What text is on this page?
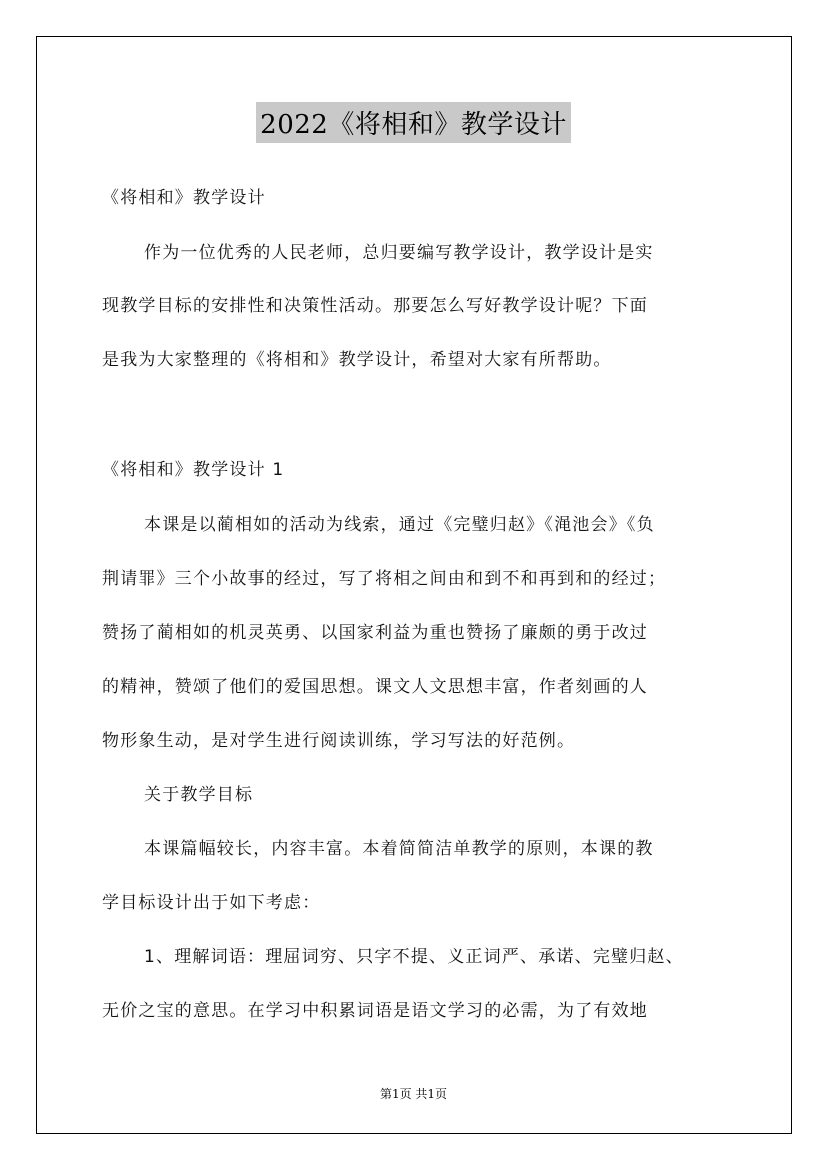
2022《将相和》教学设计
《将相和》教学设计
作为一位优秀的人民老师，总归要编写教学设计，教学设计是实
现教学目标的安排性和决策性活动。那要怎么写好教学设计呢？下面
是我为大家整理的《将相和》教学设计，希望对大家有所帮助。
《将相和》教学设计 1
本课是以蔺相如的活动为线索，通过《完璧归赵》《渑池会》《负
荆请罪》三个小故事的经过，写了将相之间由和到不和再到和的经过；
赞扬了蔺相如的机灵英勇、以国家利益为重也赞扬了廉颇的勇于改过
的精神，赞颂了他们的爱国思想。课文人文思想丰富，作者刻画的人
物形象生动，是对学生进行阅读训练，学习写法的好范例。
关于教学目标
本课篇幅较长，内容丰富。本着简简洁单教学的原则，本课的教
学目标设计出于如下考虑：
1、理解词语：理屈词穷、只字不提、义正词严、承诺、完璧归赵、
无价之宝的意思。在学习中积累词语是语文学习的必需，为了有效地
第1页 共1页
